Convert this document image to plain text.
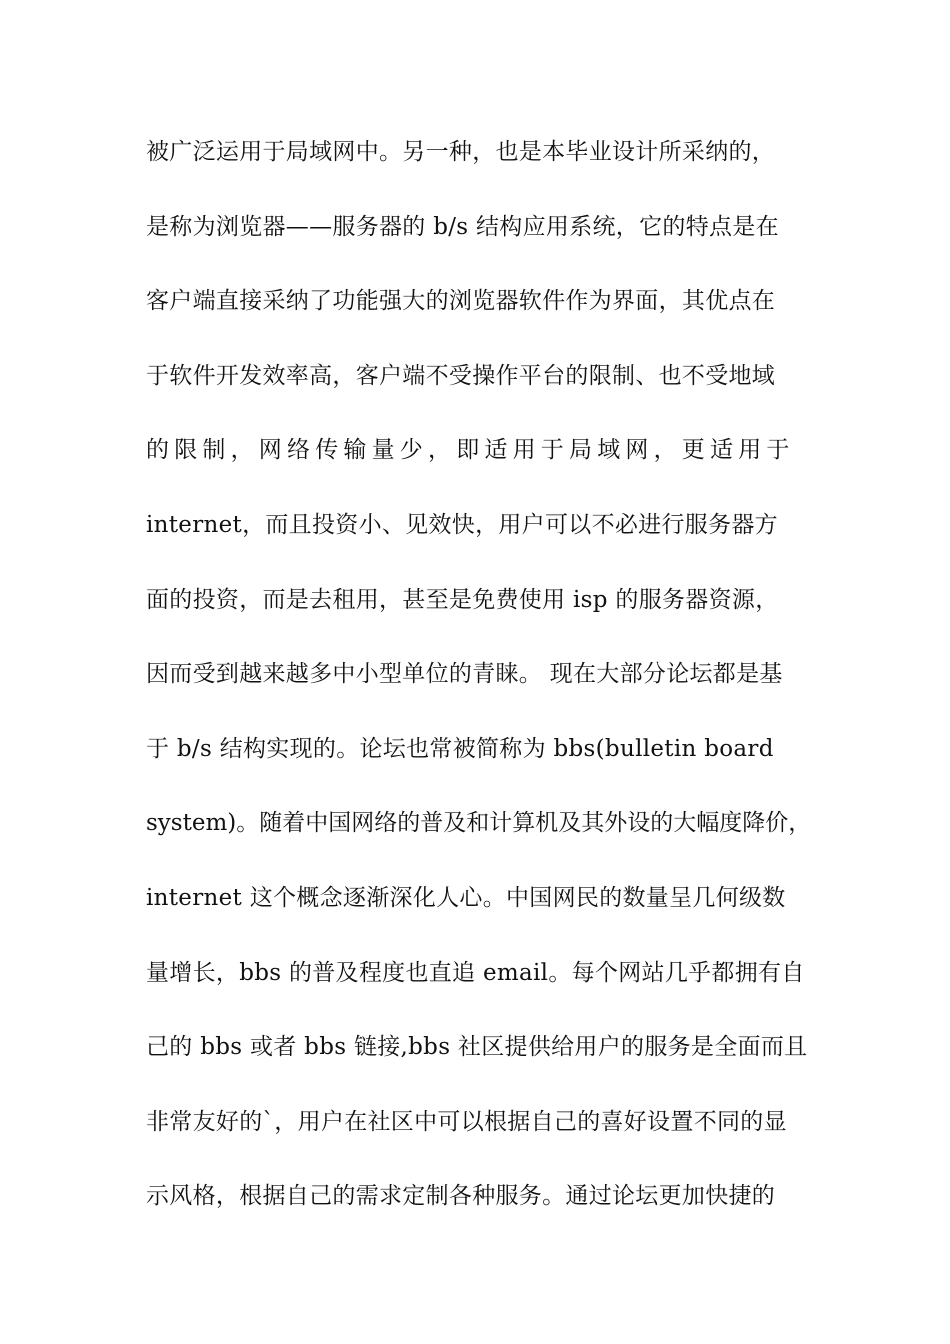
被广泛运用于局域网中。另一种，也是本毕业设计所采纳的，
是称为浏览器——服务器的 b/s 结构应用系统，它的特点是在
客户端直接采纳了功能强大的浏览器软件作为界面，其优点在
于软件开发效率高，客户端不受操作平台的限制、也不受地域
的限制，网络传输量少，即适用于局域网，更适用于
internet，而且投资小、见效快，用户可以不必进行服务器方
面的投资，而是去租用，甚至是免费使用 isp 的服务器资源，
因而受到越来越多中小型单位的青睐。 现在大部分论坛都是基
于 b/s 结构实现的。论坛也常被简称为 bbs(bulletin board
system)。随着中国网络的普及和计算机及其外设的大幅度降价，
internet 这个概念逐渐深化人心。中国网民的数量呈几何级数
量增长，bbs 的普及程度也直追 email。每个网站几乎都拥有自
己的 bbs 或者 bbs 链接,bbs 社区提供给用户的服务是全面而且
非常友好的`，用户在社区中可以根据自己的喜好设置不同的显
示风格，根据自己的需求定制各种服务。通过论坛更加快捷的
